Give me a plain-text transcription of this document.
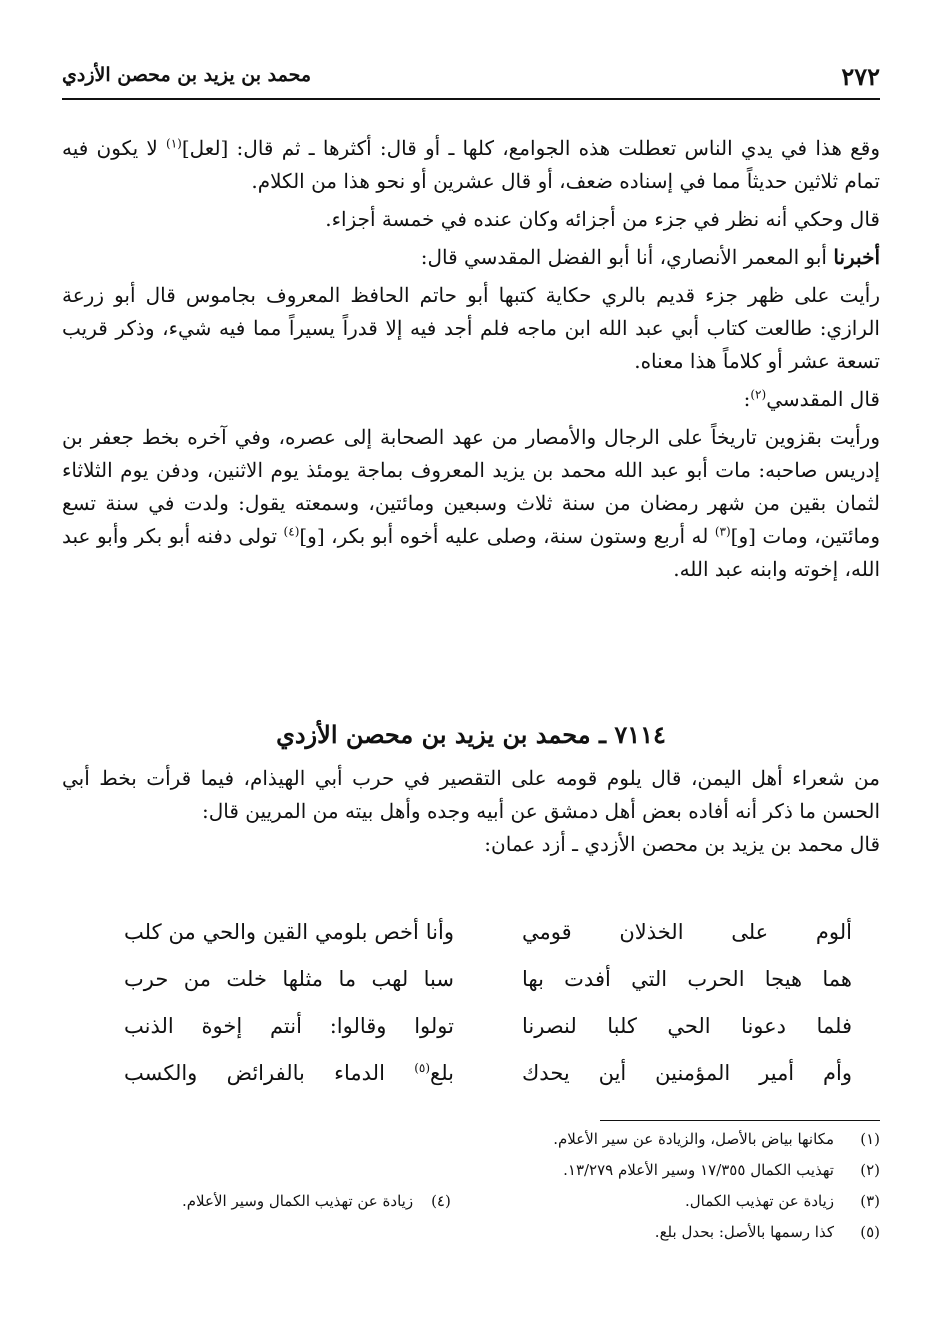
٢٧٢
محمد بن يزيد بن محصن الأزدي

وقع هذا في يدي الناس تعطلت هذه الجوامع، كلها ـ أو قال: أكثرها ـ ثم قال: [لعل]$^{(١)}$ لا يكون فيه تمام ثلاثين حديثاً مما في إسناده ضعف، أو قال عشرين أو نحو هذا من الكلام.

قال وحكي أنه نظر في جزء من أجزائه وكان عنده في خمسة أجزاء.

أخبرنا أبو المعمر الأنصاري، أنا أبو الفضل المقدسي قال:

رأيت على ظهر جزء قديم بالري حكاية كتبها أبو حاتم الحافظ المعروف بجاموس قال أبو زرعة الرازي: طالعت كتاب أبي عبد الله ابن ماجه فلم أجد فيه إلا قدراً يسيراً مما فيه شيء، وذكر قريب تسعة عشر أو كلاماً هذا معناه.

قال المقدسي$^{(٢)}$:

ورأيت بقزوين تاريخاً على الرجال والأمصار من عهد الصحابة إلى عصره، وفي آخره بخط جعفر بن إدريس صاحبه: مات أبو عبد الله محمد بن يزيد المعروف بماجة يومئذ يوم الاثنين، ودفن يوم الثلاثاء لثمان بقين من شهر رمضان من سنة ثلاث وسبعين ومائتين، وسمعته يقول: ولدت في سنة تسع ومائتين، ومات [و]$^{(٣)}$ له أربع وستون سنة، وصلى عليه أخوه أبو بكر، [و]$^{(٤)}$ تولى دفنه أبو بكر وأبو عبد الله، إخوته وابنه عبد الله.

٧١١٤ ـ محمد بن يزيد بن محصن الأزدي

من شعراء أهل اليمن، قال يلوم قومه على التقصير في حرب أبي الهيذام، فيما قرأت بخط أبي الحسن ما ذكر أنه أفاده بعض أهل دمشق عن أبيه وجده وأهل بيته من المريين قال:

قال محمد بن يزيد بن محصن الأزدي ـ أزد عمان:

ألوم على الخذلان قومي
وأنا أخص بلومي القين والحي من كلب
هما هيجا الحرب التي أفدت بها
سبا لهب ما مثلها خلت من حرب
فلما دعونا الحي كلبا لنصرنا
تولوا وقالوا: أنتم إخوة الذنب
وأم أمير المؤمنين أين يحدك
بلع$^{(٥)}$ الدماء بالفرائض والكسب
(١)
مكانها بياض بالأصل، والزيادة عن سير الأعلام.
(٢)
تهذيب الكمال ١٧/٣٥٥ وسير الأعلام ١٣/٢٧٩.
(٣)
زيادة عن تهذيب الكمال.
(٤)زيادة عن تهذيب الكمال وسير الأعلام.
(٥)
كذا رسمها بالأصل: بحدل بلع.
